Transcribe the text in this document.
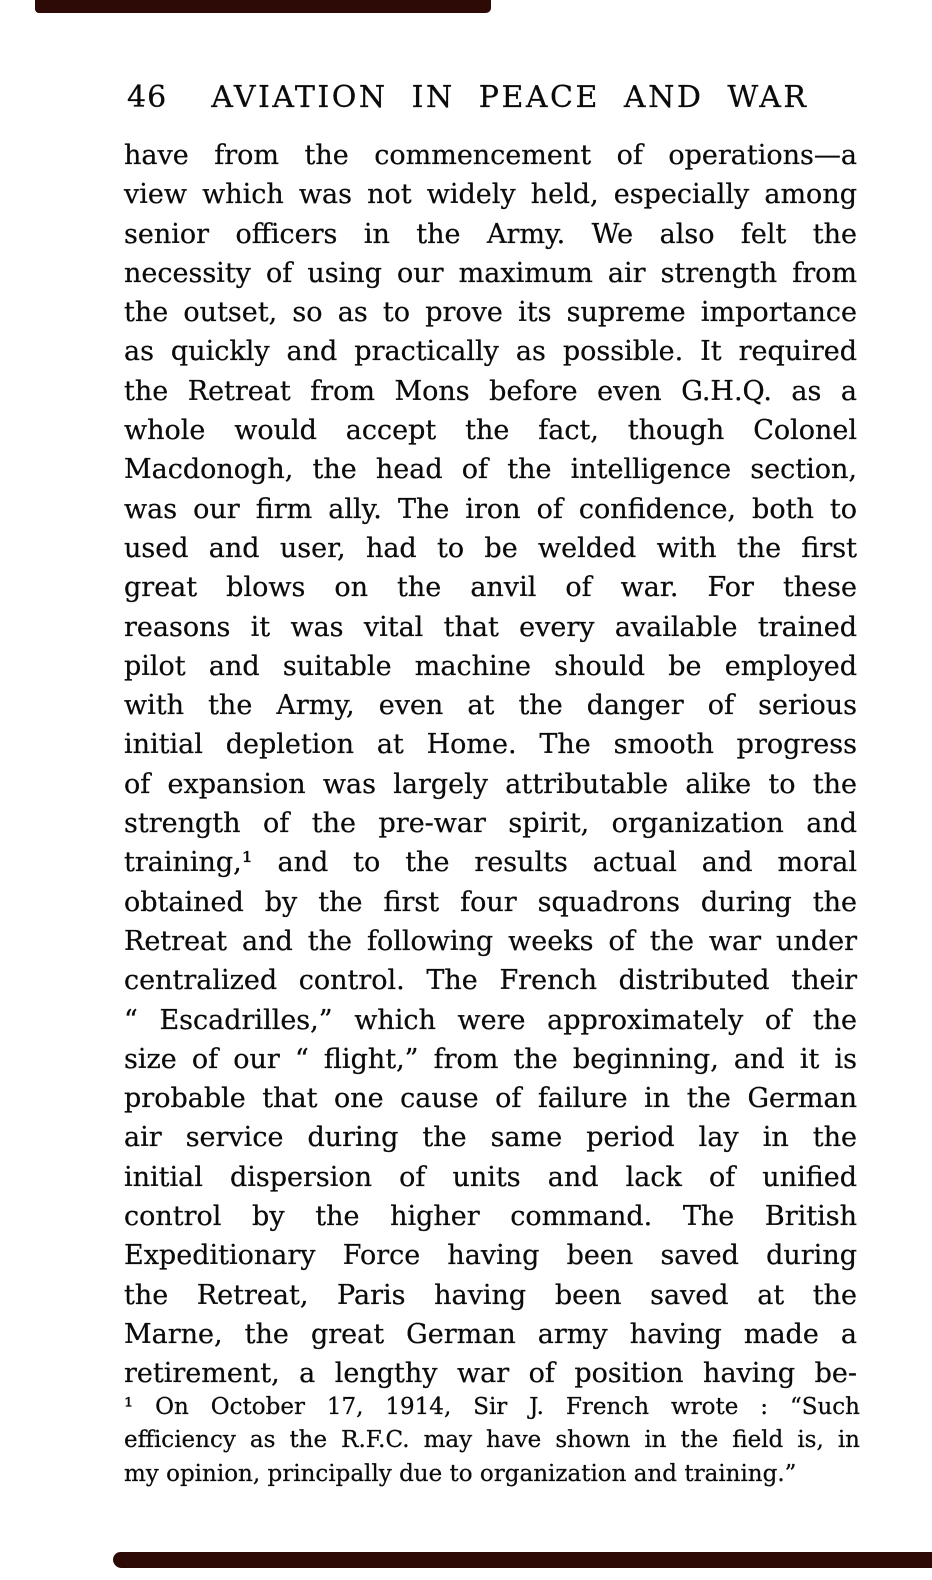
46 AVIATION IN PEACE AND WAR
have from the commencement of operations—a
view which was not widely held, especially among
senior officers in the Army. We also felt the
necessity of using our maximum air strength from
the outset, so as to prove its supreme importance
as quickly and practically as possible. It required
the Retreat from Mons before even G.H.Q. as a
whole would accept the fact, though Colonel
Macdonogh, the head of the intelligence section,
was our firm ally. The iron of confidence, both to
used and user, had to be welded with the first
great blows on the anvil of war. For these
reasons it was vital that every available trained
pilot and suitable machine should be employed
with the Army, even at the danger of serious
initial depletion at Home. The smooth progress
of expansion was largely attributable alike to the
strength of the pre-war spirit, organization and
training,¹ and to the results actual and moral
obtained by the first four squadrons during the
Retreat and the following weeks of the war under
centralized control. The French distributed their
“ Escadrilles,” which were approximately of the
size of our “ flight,” from the beginning, and it is
probable that one cause of failure in the German
air service during the same period lay in the
initial dispersion of units and lack of unified
control by the higher command. The British
Expeditionary Force having been saved during
the Retreat, Paris having been saved at the
Marne, the great German army having made a
retirement, a lengthy war of position having be-
¹ On October 17, 1914, Sir J. French wrote : “Such
efficiency as the R.F.C. may have shown in the field is, in
my opinion, principally due to organization and training.”
